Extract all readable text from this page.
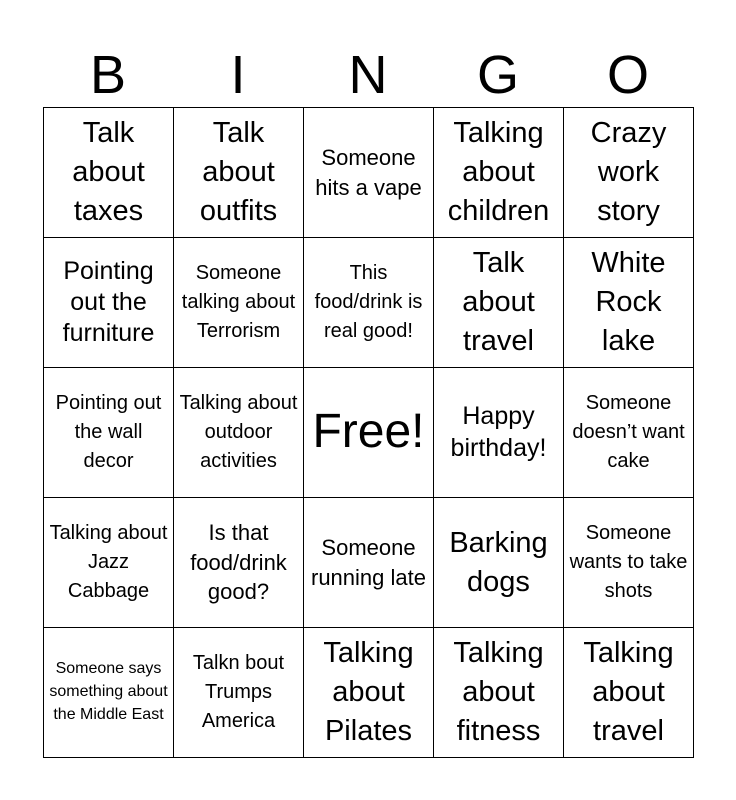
B	I	N	G	O
Talk about taxes	Talk about outfits	Someone hits a vape	Talking about children	Crazy work story

Pointing out the furniture	Someone talking about Terrorism	This food/drink is real good!	Talk about travel	White Rock lake

Pointing out the wall decor	Talking about outdoor activities	Free!	Happy birthday!	Someone doesn’t want cake

Talking about Jazz Cabbage	Is that food/drink good?	Someone running late	Barking dogs	Someone wants to take shots

Someone says something about the Middle East	Talkn bout Trumps America	Talking about Pilates	Talking about fitness	Talking about travel
